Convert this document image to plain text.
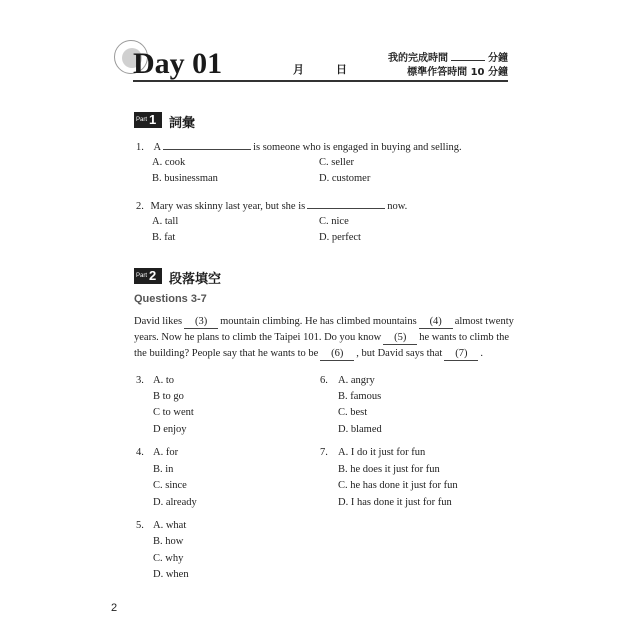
Day 01	月	日
我的完成時間	分鐘
標準作答時間 10 分鐘
Part 1 詞彙
1. A	is someone who is engaged in buying and selling.
A. cook
B. businessman
C. seller
D. customer
2. Mary was skinny last year, but she is	now.
A. tall
B. fat
C. nice
D. perfect
Part 2 段落填空
Questions 3-7
David likes (3) mountain climbing. He has climbed mountains (4) almost twenty
years. Now he plans to climb the Taipei 101. Do you know (5) he wants to climb the
the building? People say that he wants to be (6) , but David says that (7) .
3. A. to
B to go
C to went
D enjoy
4. A. for
B. in
C. since
D. already
5. A. what
B. how
C. why
D. when
6. A. angry
B. famous
C. best
D. blamed
7. A. I do it just for fun
B. he does it just for fun
C. he has done it just for fun
D. I has done it just for fun
2
